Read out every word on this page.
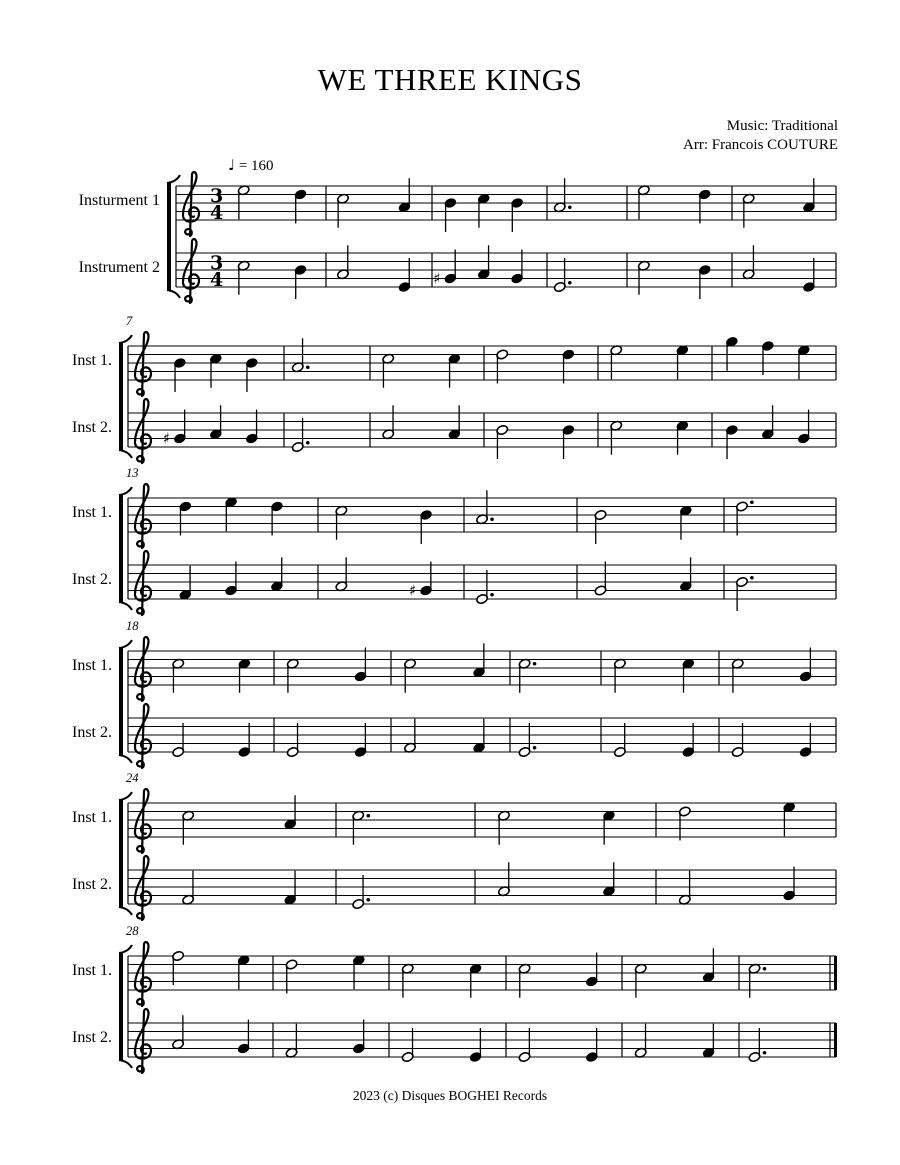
WE THREE KINGS
Music: Traditional
Arr: Francois COUTURE
♩ = 160
Insturment 1
Instrument 2
7
Inst 1.
Inst 2.
13
Inst 1.
Inst 2.
18
Inst 1.
Inst 2.
24
Inst 1.
Inst 2.
28
Inst 1.
Inst 2.
3
4
3
4	♯
♯
♯
2023 (c) Disques BOGHEI Records
